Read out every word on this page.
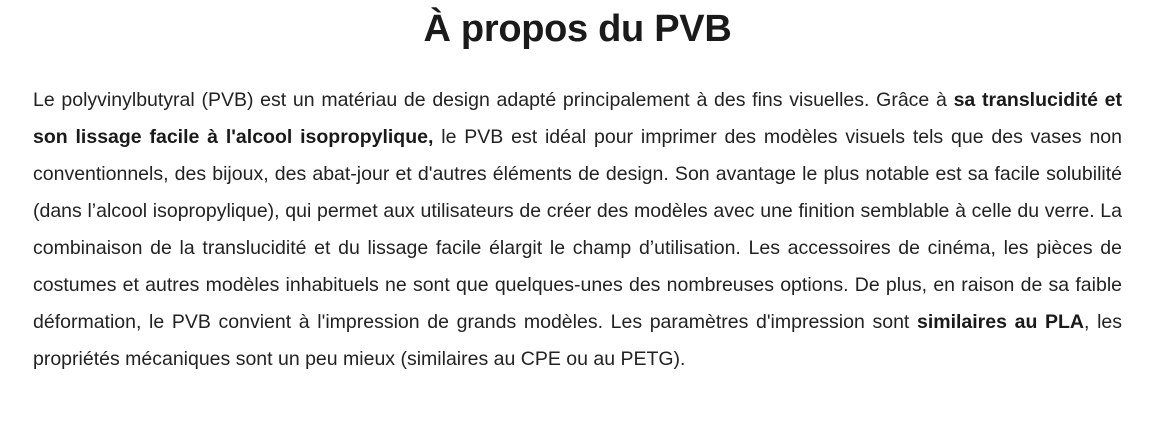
À propos du PVB

Le polyvinylbutyral (PVB) est un matériau de design adapté principalement à des fins visuelles. Grâce à sa translucidité et son lissage facile à l'alcool isopropylique, le PVB est idéal pour imprimer des modèles visuels tels que des vases non conventionnels, des bijoux, des abat-jour et d'autres éléments de design. Son avantage le plus notable est sa facile solubilité (dans l’alcool isopropylique), qui permet aux utilisateurs de créer des modèles avec une finition semblable à celle du verre. La combinaison de la translucidité et du lissage facile élargit le champ d’utilisation. Les accessoires de cinéma, les pièces de costumes et autres modèles inhabituels ne sont que quelques-unes des nombreuses options. De plus, en raison de sa faible déformation, le PVB convient à l'impression de grands modèles. Les paramètres d'impression sont similaires au PLA, les propriétés mécaniques sont un peu mieux (similaires au CPE ou au PETG).
